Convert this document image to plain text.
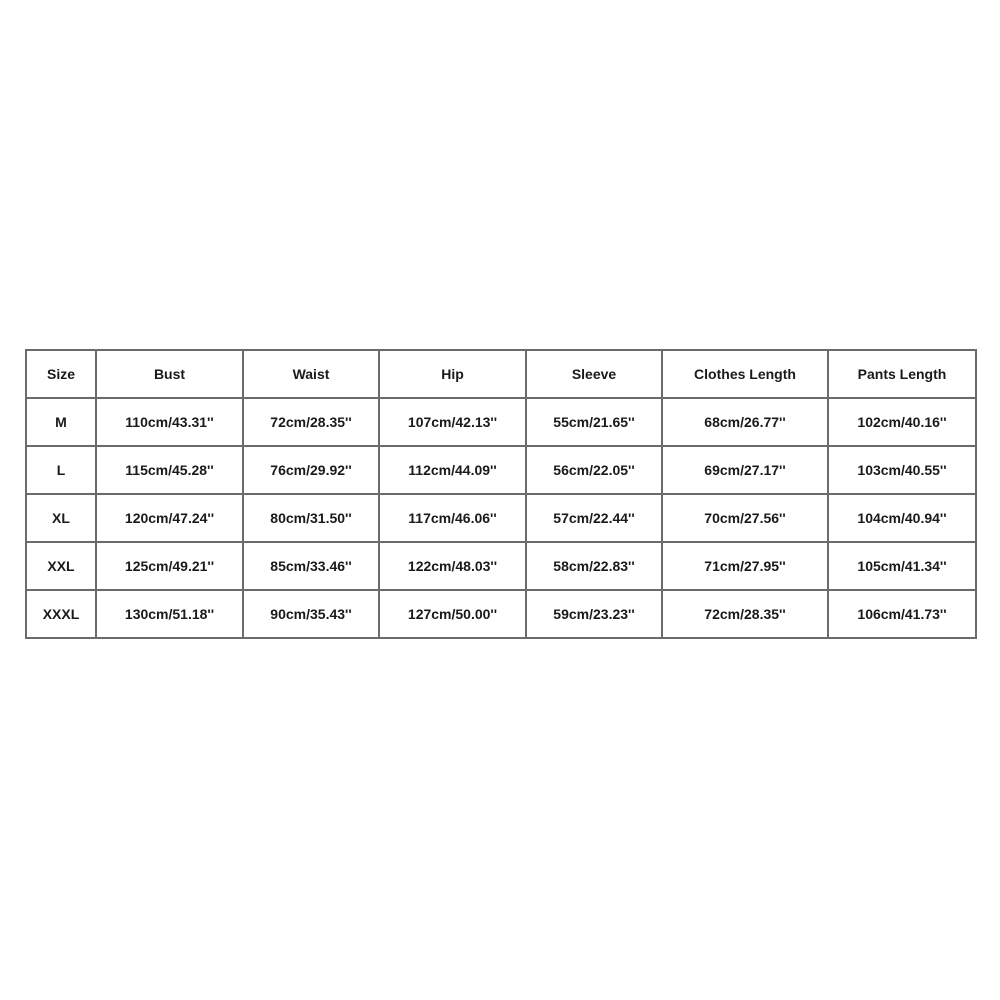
Size	Bust	Waist	Hip	Sleeve	Clothes Length	Pants Length
M	110cm/43.31''	72cm/28.35''	107cm/42.13''	55cm/21.65''	68cm/26.77''	102cm/40.16''
L	115cm/45.28''	76cm/29.92''	112cm/44.09''	56cm/22.05''	69cm/27.17''	103cm/40.55''
XL	120cm/47.24''	80cm/31.50''	117cm/46.06''	57cm/22.44''	70cm/27.56''	104cm/40.94''
XXL	125cm/49.21''	85cm/33.46''	122cm/48.03''	58cm/22.83''	71cm/27.95''	105cm/41.34''
XXXL	130cm/51.18''	90cm/35.43''	127cm/50.00''	59cm/23.23''	72cm/28.35''	106cm/41.73''
